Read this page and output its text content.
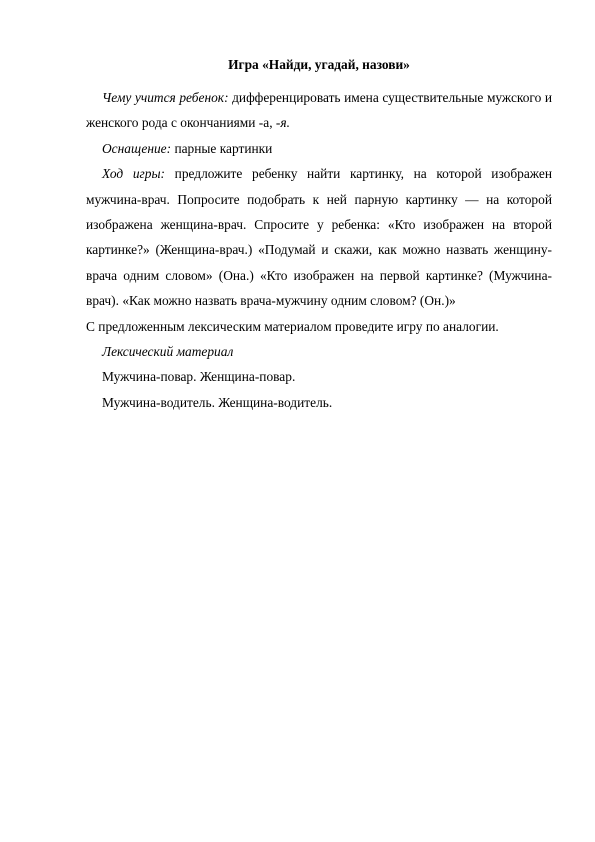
Игра «Найди, угадай, назови»

Чему учится ребенок: дифференцировать имена существительные мужского и женского рода с окончаниями -а, -я.

Оснащение: парные картинки

Ход игры: предложите ребенку найти картинку, на которой изображен мужчина-врач. Попросите подобрать к ней парную картинку — на которой изображена женщина-врач. Спросите у ребенка: «Кто изображен на второй картинке?» (Женщина-врач.) «Подумай и скажи, как можно назвать женщину-врача одним словом» (Она.) «Кто изображен на первой картинке? (Мужчина-врач). «Как можно назвать врача-мужчину одним словом? (Он.)»

С предложенным лексическим материалом проведите игру по аналогии.

Лексический материал

Мужчина-повар. Женщина-повар.

Мужчина-водитель. Женщина-водитель.
